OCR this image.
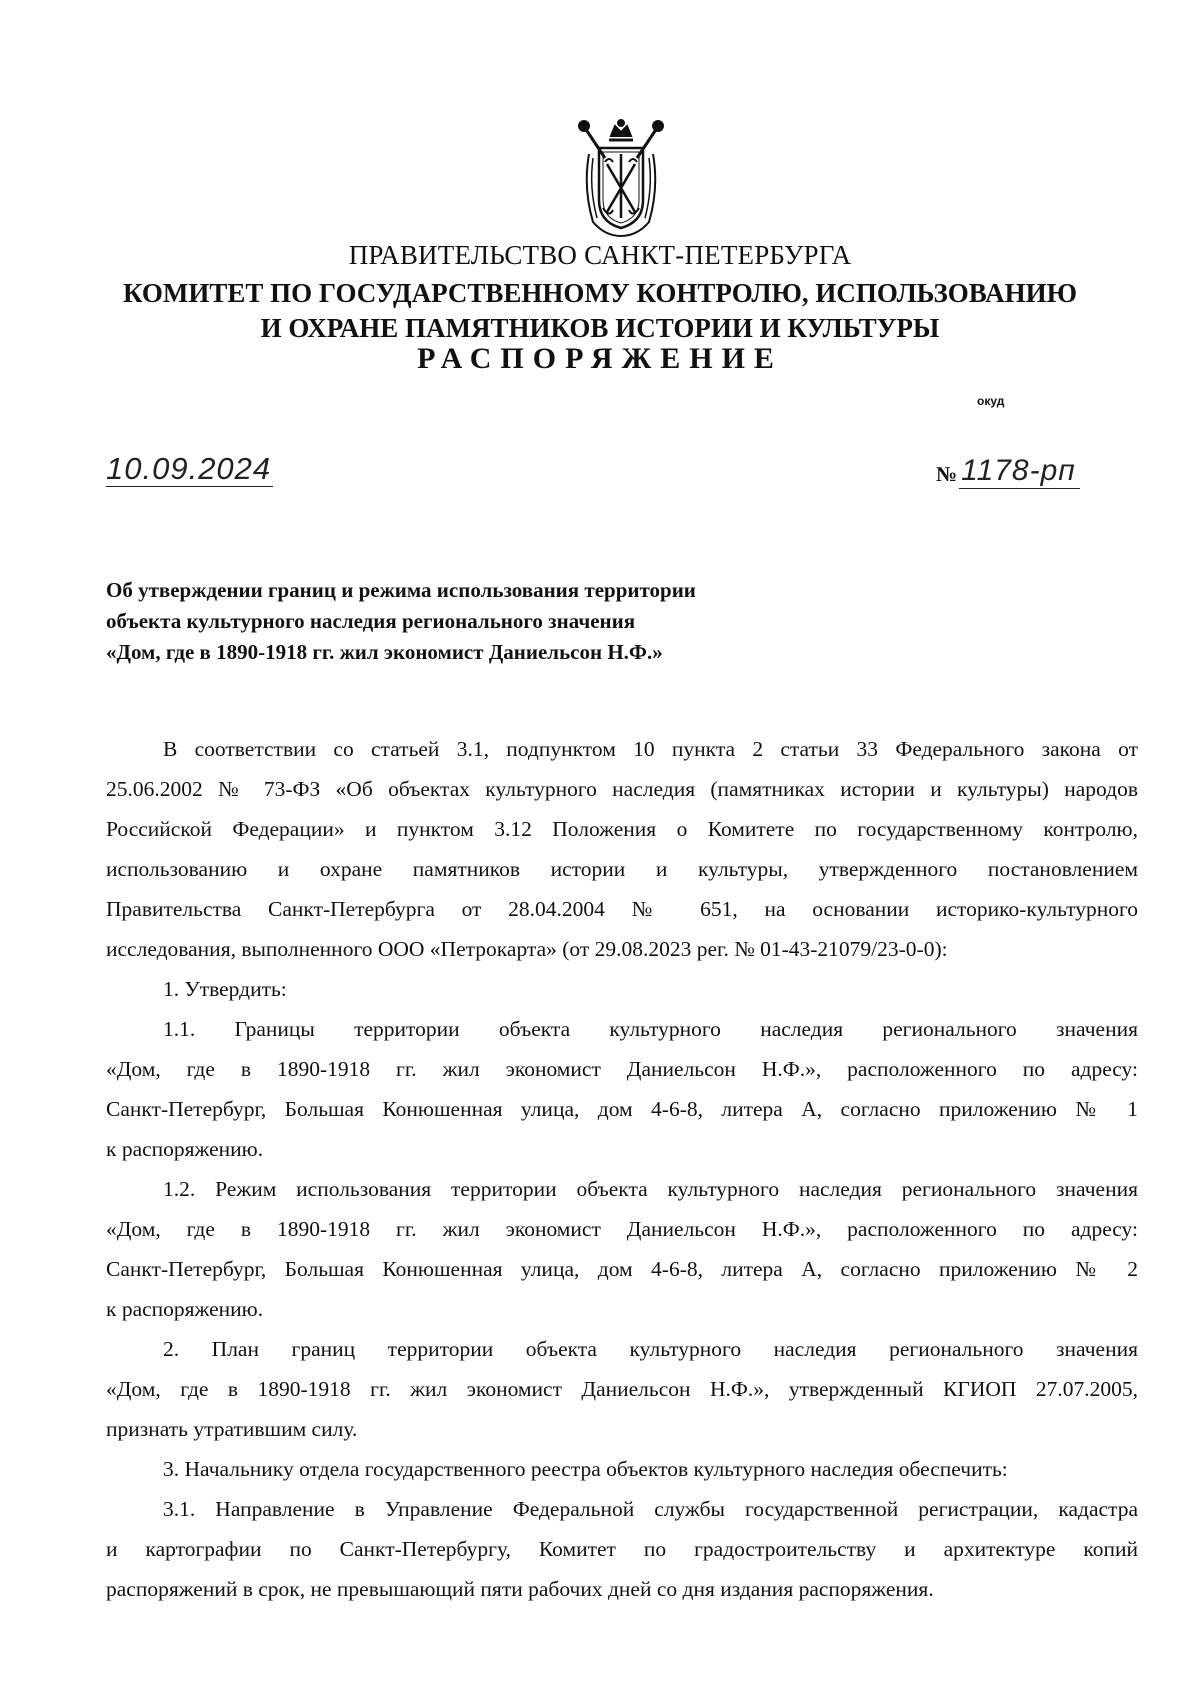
ПРАВИТЕЛЬСТВО САНКТ-ПЕТЕРБУРГА
КОМИТЕТ ПО ГОСУДАРСТВЕННОМУ КОНТРОЛЮ, ИСПОЛЬЗОВАНИЮ
И ОХРАНЕ ПАМЯТНИКОВ ИСТОРИИ И КУЛЬТУРЫ
РАСПОРЯЖЕНИЕ
окуд
10.09.2024	№ 1178-рп
Об утверждении границ и режима использования территории
объекта культурного наследия регионального значения
«Дом, где в 1890-1918 гг. жил экономист Даниельсон Н.Ф.»
В соответствии со статьей 3.1, подпунктом 10 пункта 2 статьи 33 Федерального закона от
25.06.2002 № 73-ФЗ «Об объектах культурного наследия (памятниках истории и культуры) народов
Российской Федерации» и пунктом 3.12 Положения о Комитете по государственному контролю,
использованию и охране памятников истории и культуры, утвержденного постановлением
Правительства Санкт-Петербурга от 28.04.2004 № 651, на основании историко-культурного
исследования, выполненного ООО «Петрокарта» (от 29.08.2023 рег. № 01-43-21079/23-0-0):
1. Утвердить:
1.1. Границы территории объекта культурного наследия регионального значения
«Дом, где в 1890-1918 гг. жил экономист Даниельсон Н.Ф.», расположенного по адресу:
Санкт-Петербург, Большая Конюшенная улица, дом 4-6-8, литера А, согласно приложению № 1
к распоряжению.
1.2. Режим использования территории объекта культурного наследия регионального значения
«Дом, где в 1890-1918 гг. жил экономист Даниельсон Н.Ф.», расположенного по адресу:
Санкт-Петербург, Большая Конюшенная улица, дом 4-6-8, литера А, согласно приложению № 2
к распоряжению.
2. План границ территории объекта культурного наследия регионального значения
«Дом, где в 1890-1918 гг. жил экономист Даниельсон Н.Ф.», утвержденный КГИОП 27.07.2005,
признать утратившим силу.
3. Начальнику отдела государственного реестра объектов культурного наследия обеспечить:
3.1. Направление в Управление Федеральной службы государственной регистрации, кадастра
и картографии по Санкт-Петербургу, Комитет по градостроительству и архитектуре копий
распоряжений в срок, не превышающий пяти рабочих дней со дня издания распоряжения.
